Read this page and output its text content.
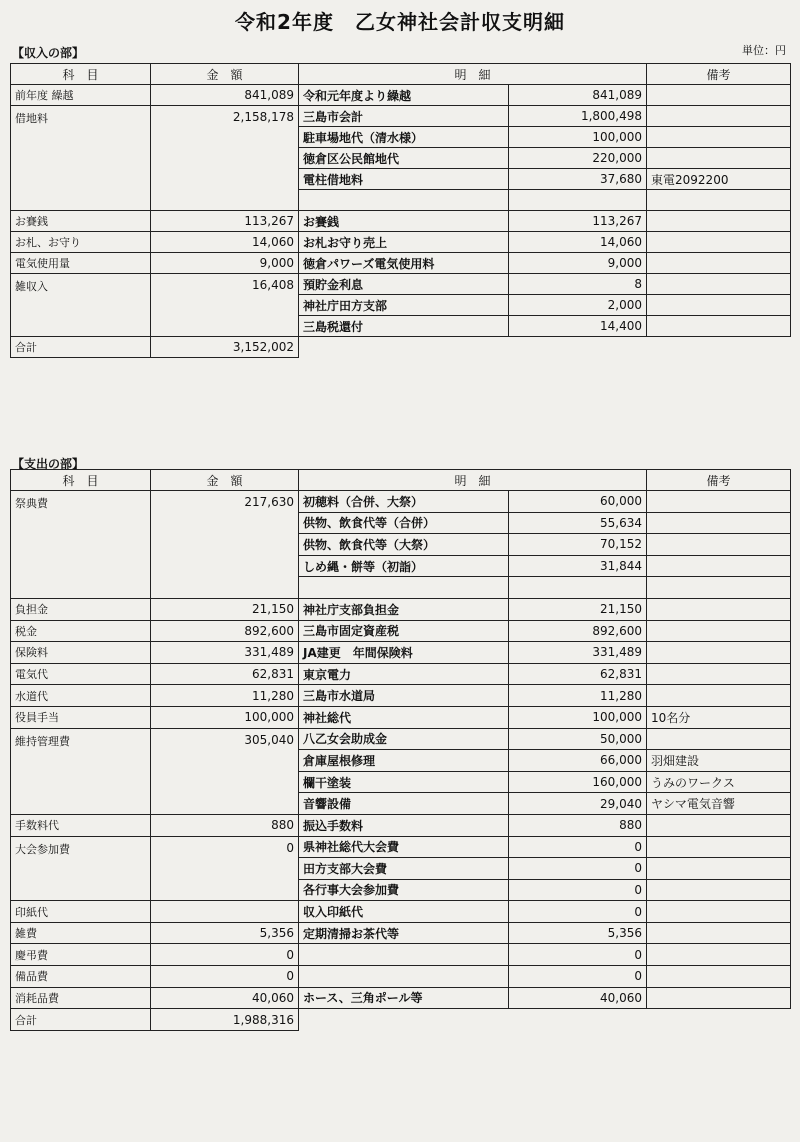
令和2年度　乙女神社会計収支明細
【収入の部】	単位：円
【支出の部】
科　目	金　額	明　細		備考
前年度 繰越	841,089	令和元年度より繰越	841,089	
借地料	2,158,178	三島市会計	1,800,498	
		駐車場地代（清水様）	100,000	
		徳倉区公民館地代	220,000	
		電柱借地料	37,680	東電2092200

お賽銭	113,267	お賽銭	113,267	
お札、お守り	14,060	お札お守り売上	14,060	
電気使用量	9,000	徳倉パワーズ電気使用料	9,000	
雑収入	16,408	預貯金利息	8	
		神社庁田方支部	2,000	
		三島税還付	14,400	
合計	3,152,002			
科　目	金　額	明　細		備考
祭典費	217,630	初穂料（合併、大祭）	60,000	
		供物、飲食代等（合併）	55,634	
		供物、飲食代等（大祭）	70,152	
		しめ縄・餅等（初詣）	31,844	

負担金	21,150	神社庁支部負担金	21,150	
税金	892,600	三島市固定資産税	892,600	
保険料	331,489	JA建更　年間保険料	331,489	
電気代	62,831	東京電力	62,831	
水道代	11,280	三島市水道局	11,280	
役員手当	100,000	神社総代	100,000	10名分
維持管理費	305,040	八乙女会助成金	50,000	
		倉庫屋根修理	66,000	羽畑建設
		欄干塗装	160,000	うみのワークス
		音響設備	29,040	ヤシマ電気音響
手数料代	880	振込手数料	880	
大会参加費	0	県神社総代大会費	0	
		田方支部大会費	0	
		各行事大会参加費	0	
印紙代		収入印紙代	0	
雑費	5,356	定期清掃お茶代等	5,356	
慶弔費	0		0	
備品費	0		0	
消耗品費	40,060	ホース、三角ポール等	40,060	
合計	1,988,316			
